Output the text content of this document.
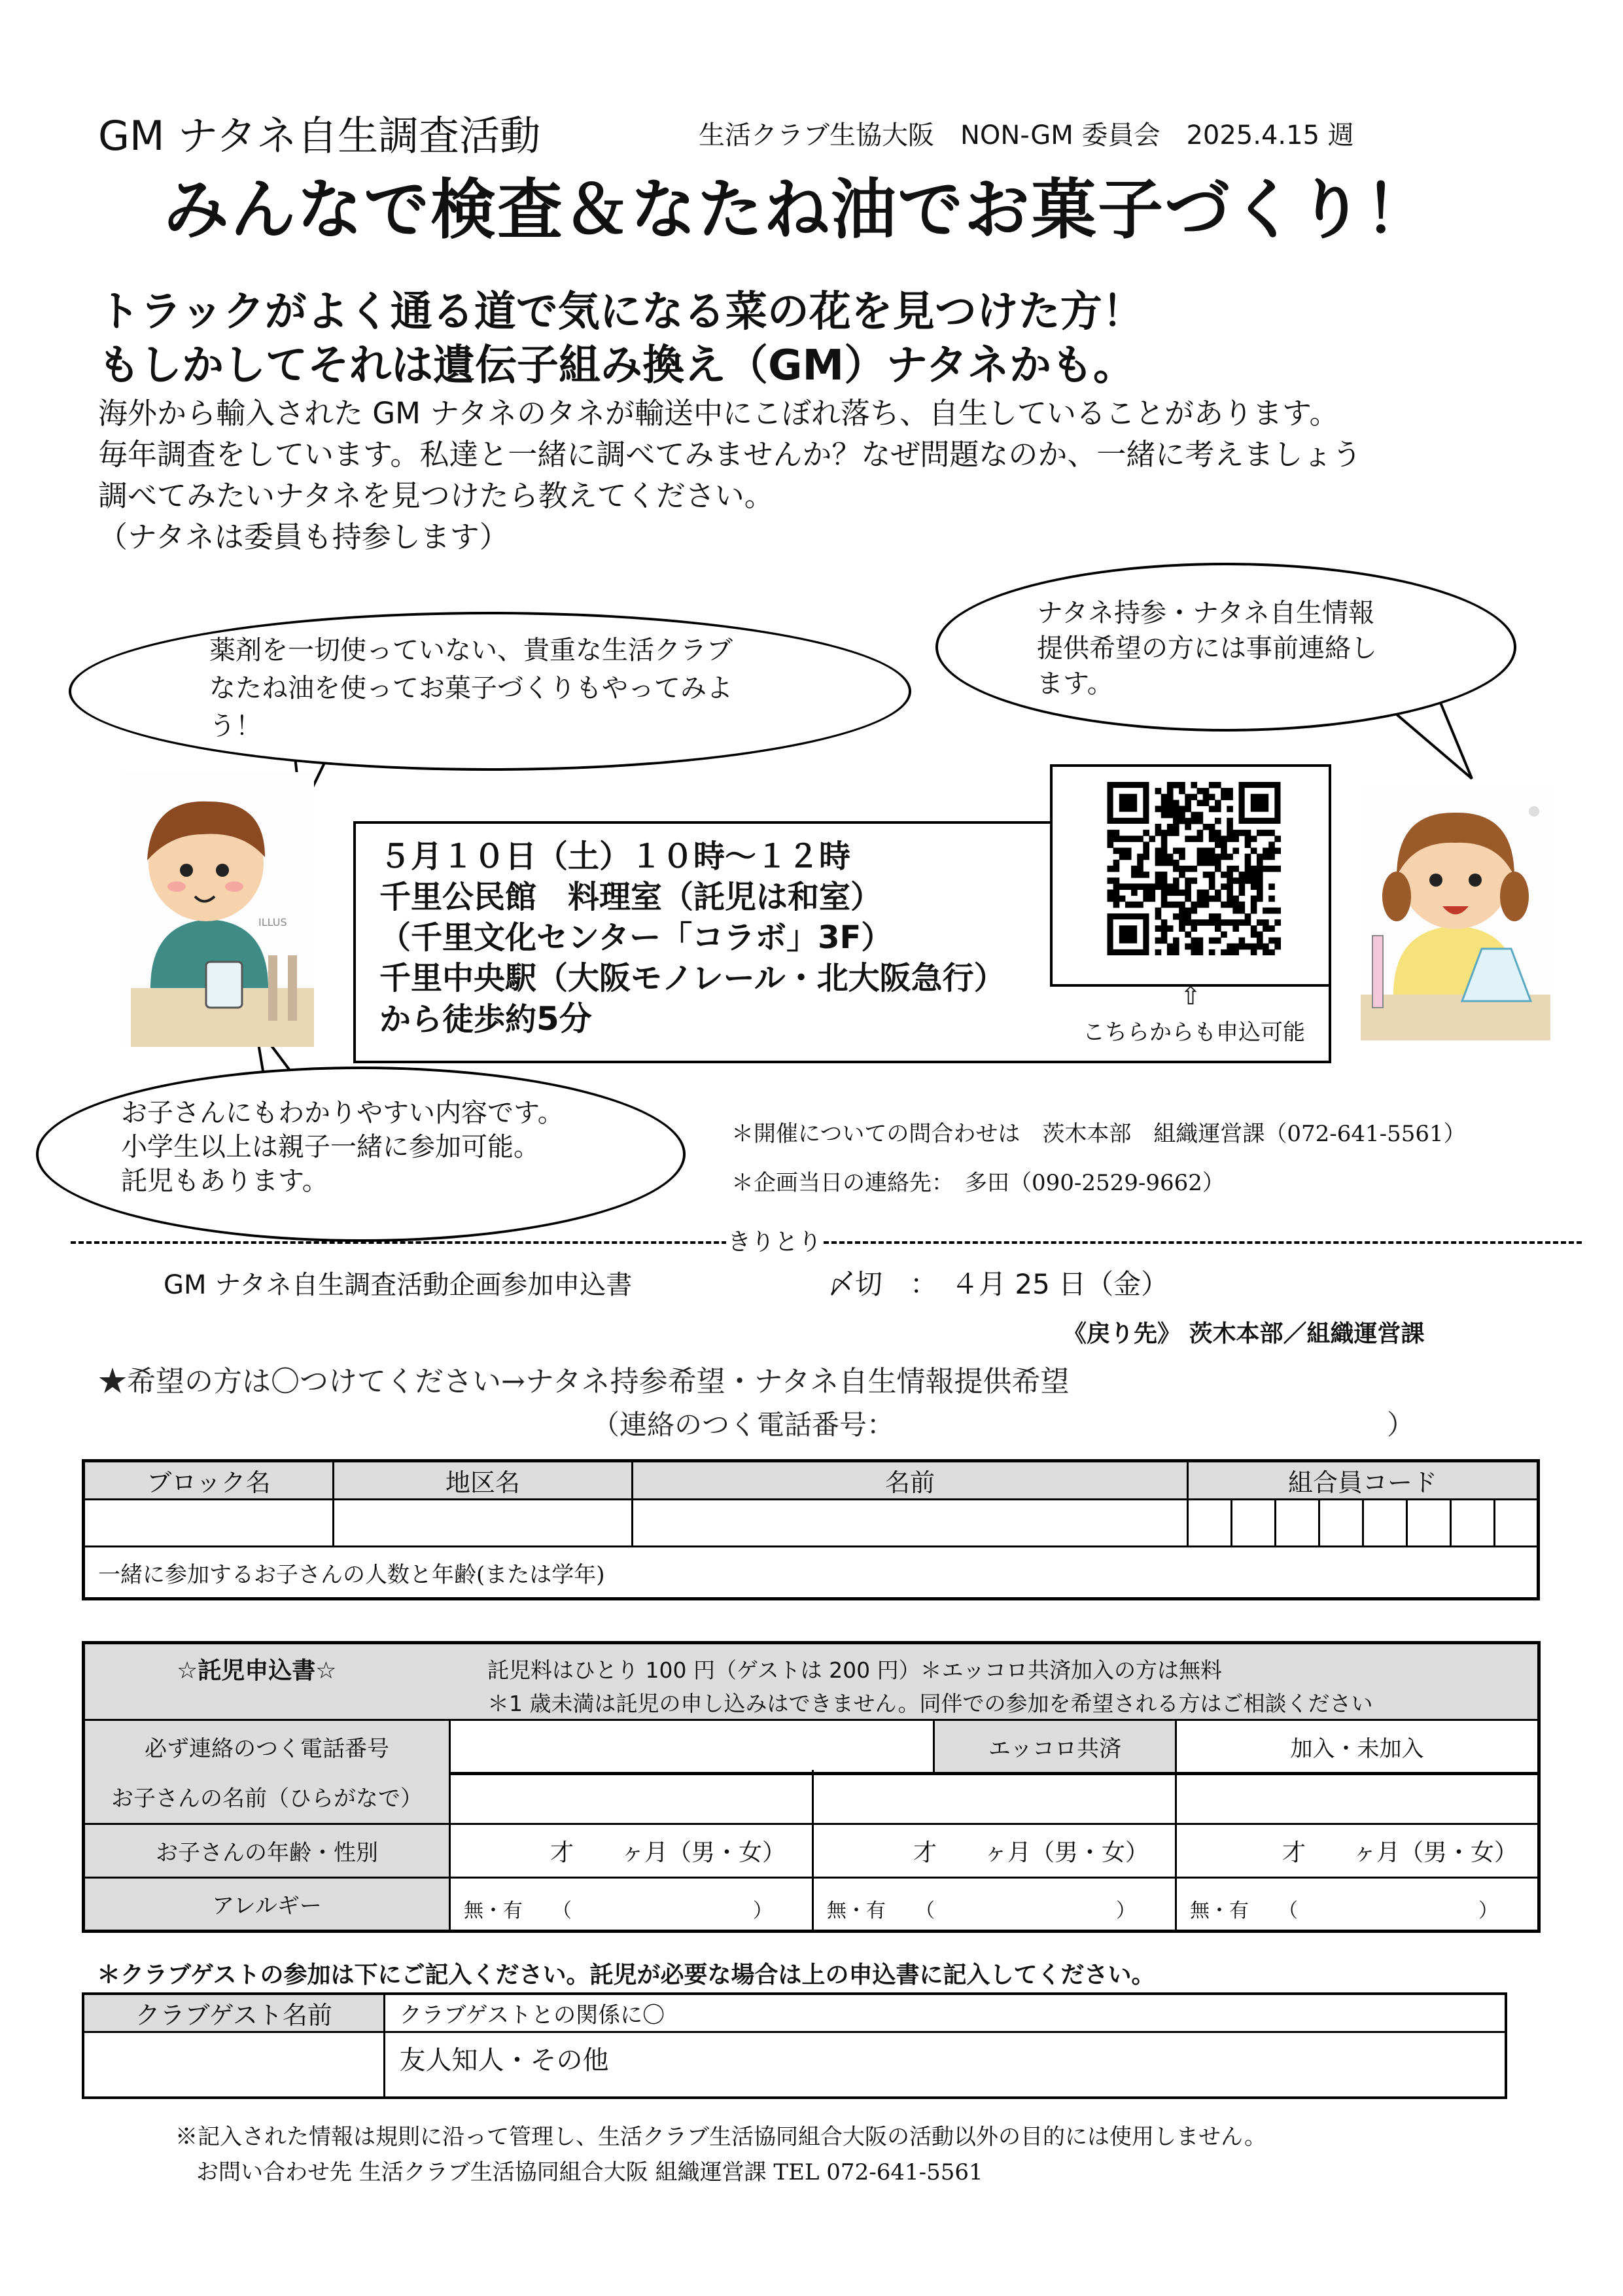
GM ナタネ自生調査活動	生活クラブ生協大阪　NON-GM 委員会　2025.4.15 週
みんなで検査＆なたね油でお菓子づくり！
トラックがよく通る道で気になる菜の花を見つけた方！
もしかしてそれは遺伝子組み換え（GM）ナタネかも。
海外から輸入された GM ナタネのタネが輸送中にこぼれ落ち、自生していることがあります。
毎年調査をしています。私達と一緒に調べてみませんか？なぜ問題なのか、一緒に考えましょう
調べてみたいナタネを見つけたら教えてください。
（ナタネは委員も持参します）
薬剤を一切使っていない、貴重な生活クラブ
なたね油を使ってお菓子づくりもやってみよ
う！
ナタネ持参・ナタネ自生情報
提供希望の方には事前連絡し
ます。
お子さんにもわかりやすい内容です。
小学生以上は親子一緒に参加可能。
託児もあります。
ILLUS
５月１０日（土）１０時～１２時
千里公民館　料理室（託児は和室）
（千里文化センター「コラボ」3F）
千里中央駅（大阪モノレール・北大阪急行）
から徒歩約5分
⇧
こちらからも申込可能
＊開催についての問合わせは　茨木本部　組織運営課（072-641-5561）
＊企画当日の連絡先：　多田（090-2529-9662）
きりとり
GM ナタネ自生調査活動企画参加申込書	〆切　：　４月 25 日（金）
《戻り先》 茨木本部／組織運営課
★希望の方は〇つけてください→ナタネ持参希望・ナタネ自生情報提供希望
（連絡のつく電話番号：	）
ブロック名	地区名	名前	組合員コード							

一緒に参加するお子さんの人数と年齢(または学年)										
☆託児申込書☆	託児料はひとり 100 円（ゲストは 200 円）＊エッコロ共済加入の方は無料
＊1 歳未満は託児の申し込みはできません。同伴での参加を希望される方はご相談ください

必ず連絡のつく電話番号		エッコロ共済	加入・未加入
お子さんの名前（ひらがなで）			
お子さんの年齢・性別	才　　ヶ月（男・女）	才　　ヶ月（男・女）	才　　ヶ月（男・女）
アレルギー	無・有　　（ ）	無・有　　（ ）	無・有　　（ ）
＊クラブゲストの参加は下にご記入ください。託児が必要な場合は上の申込書に記入してください。
クラブゲスト名前	クラブゲストとの関係に〇
	友人知人・その他
※記入された情報は規則に沿って管理し、生活クラブ生活協同組合大阪の活動以外の目的には使用しません。
お問い合わせ先 生活クラブ生活協同組合大阪 組織運営課 TEL 072-641-5561
